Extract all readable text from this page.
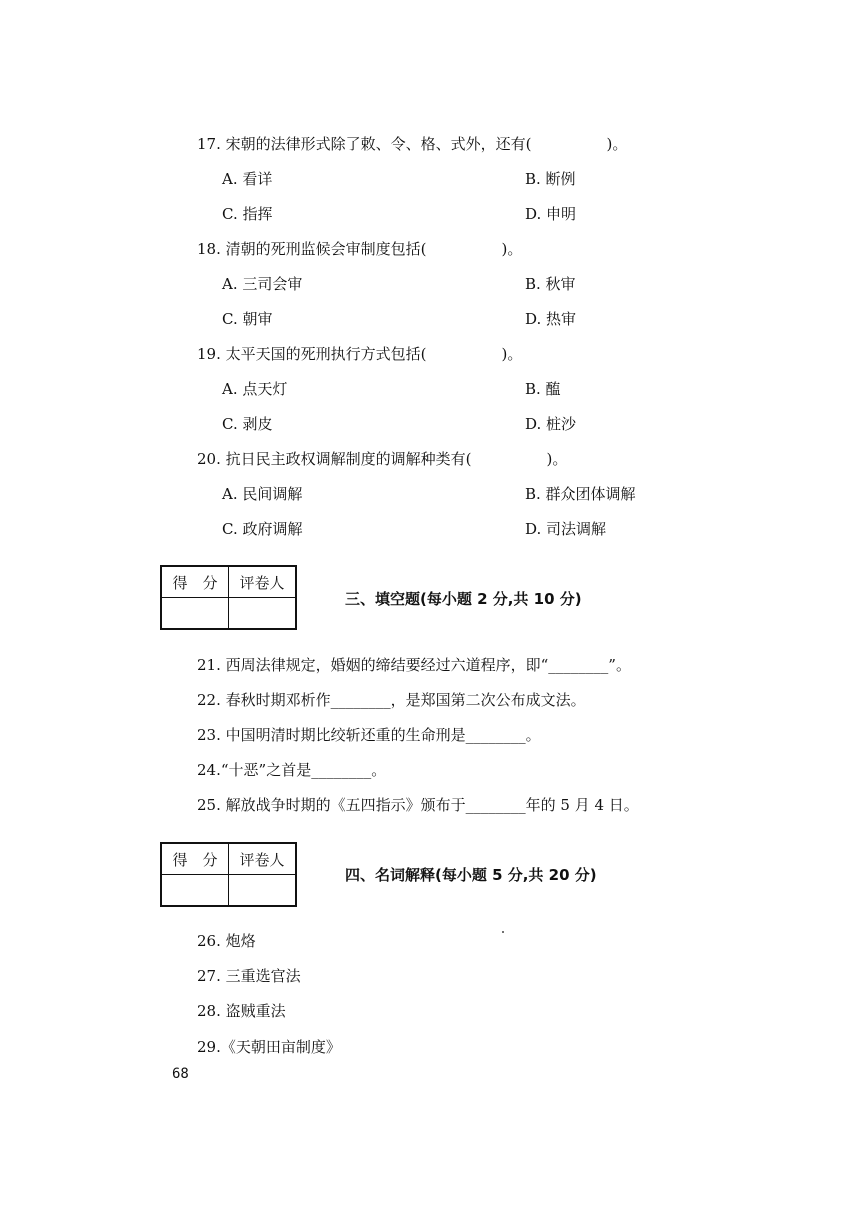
17. 宋朝的法律形式除了敕、令、格、式外，还有(　　　　　)。
A. 看详	B. 断例
C. 指挥	D. 申明
18. 清朝的死刑监候会审制度包括(　　　　　)。
A. 三司会审	B. 秋审
C. 朝审	D. 热审
19. 太平天国的死刑执行方式包括(　　　　　)。
A. 点天灯	B. 醢
C. 剥皮	D. 桩沙
20. 抗日民主政权调解制度的调解种类有(　　　　　)。
A. 民间调解	B. 群众团体调解
C. 政府调解	D. 司法调解
得　分	评卷人

三、填空题(每小题 2 分,共 10 分)
21. 西周法律规定，婚姻的缔结要经过六道程序，即“________”。
22. 春秋时期邓析作________，是郑国第二次公布成文法。
23. 中国明清时期比绞斩还重的生命刑是________。
24.“十恶”之首是________。
25. 解放战争时期的《五四指示》颁布于________年的 5 月 4 日。
得　分	评卷人

四、名词解释(每小题 5 分,共 20 分)
26. 炮烙
27. 三重选官法
28. 盗贼重法
29.《天朝田亩制度》
68
